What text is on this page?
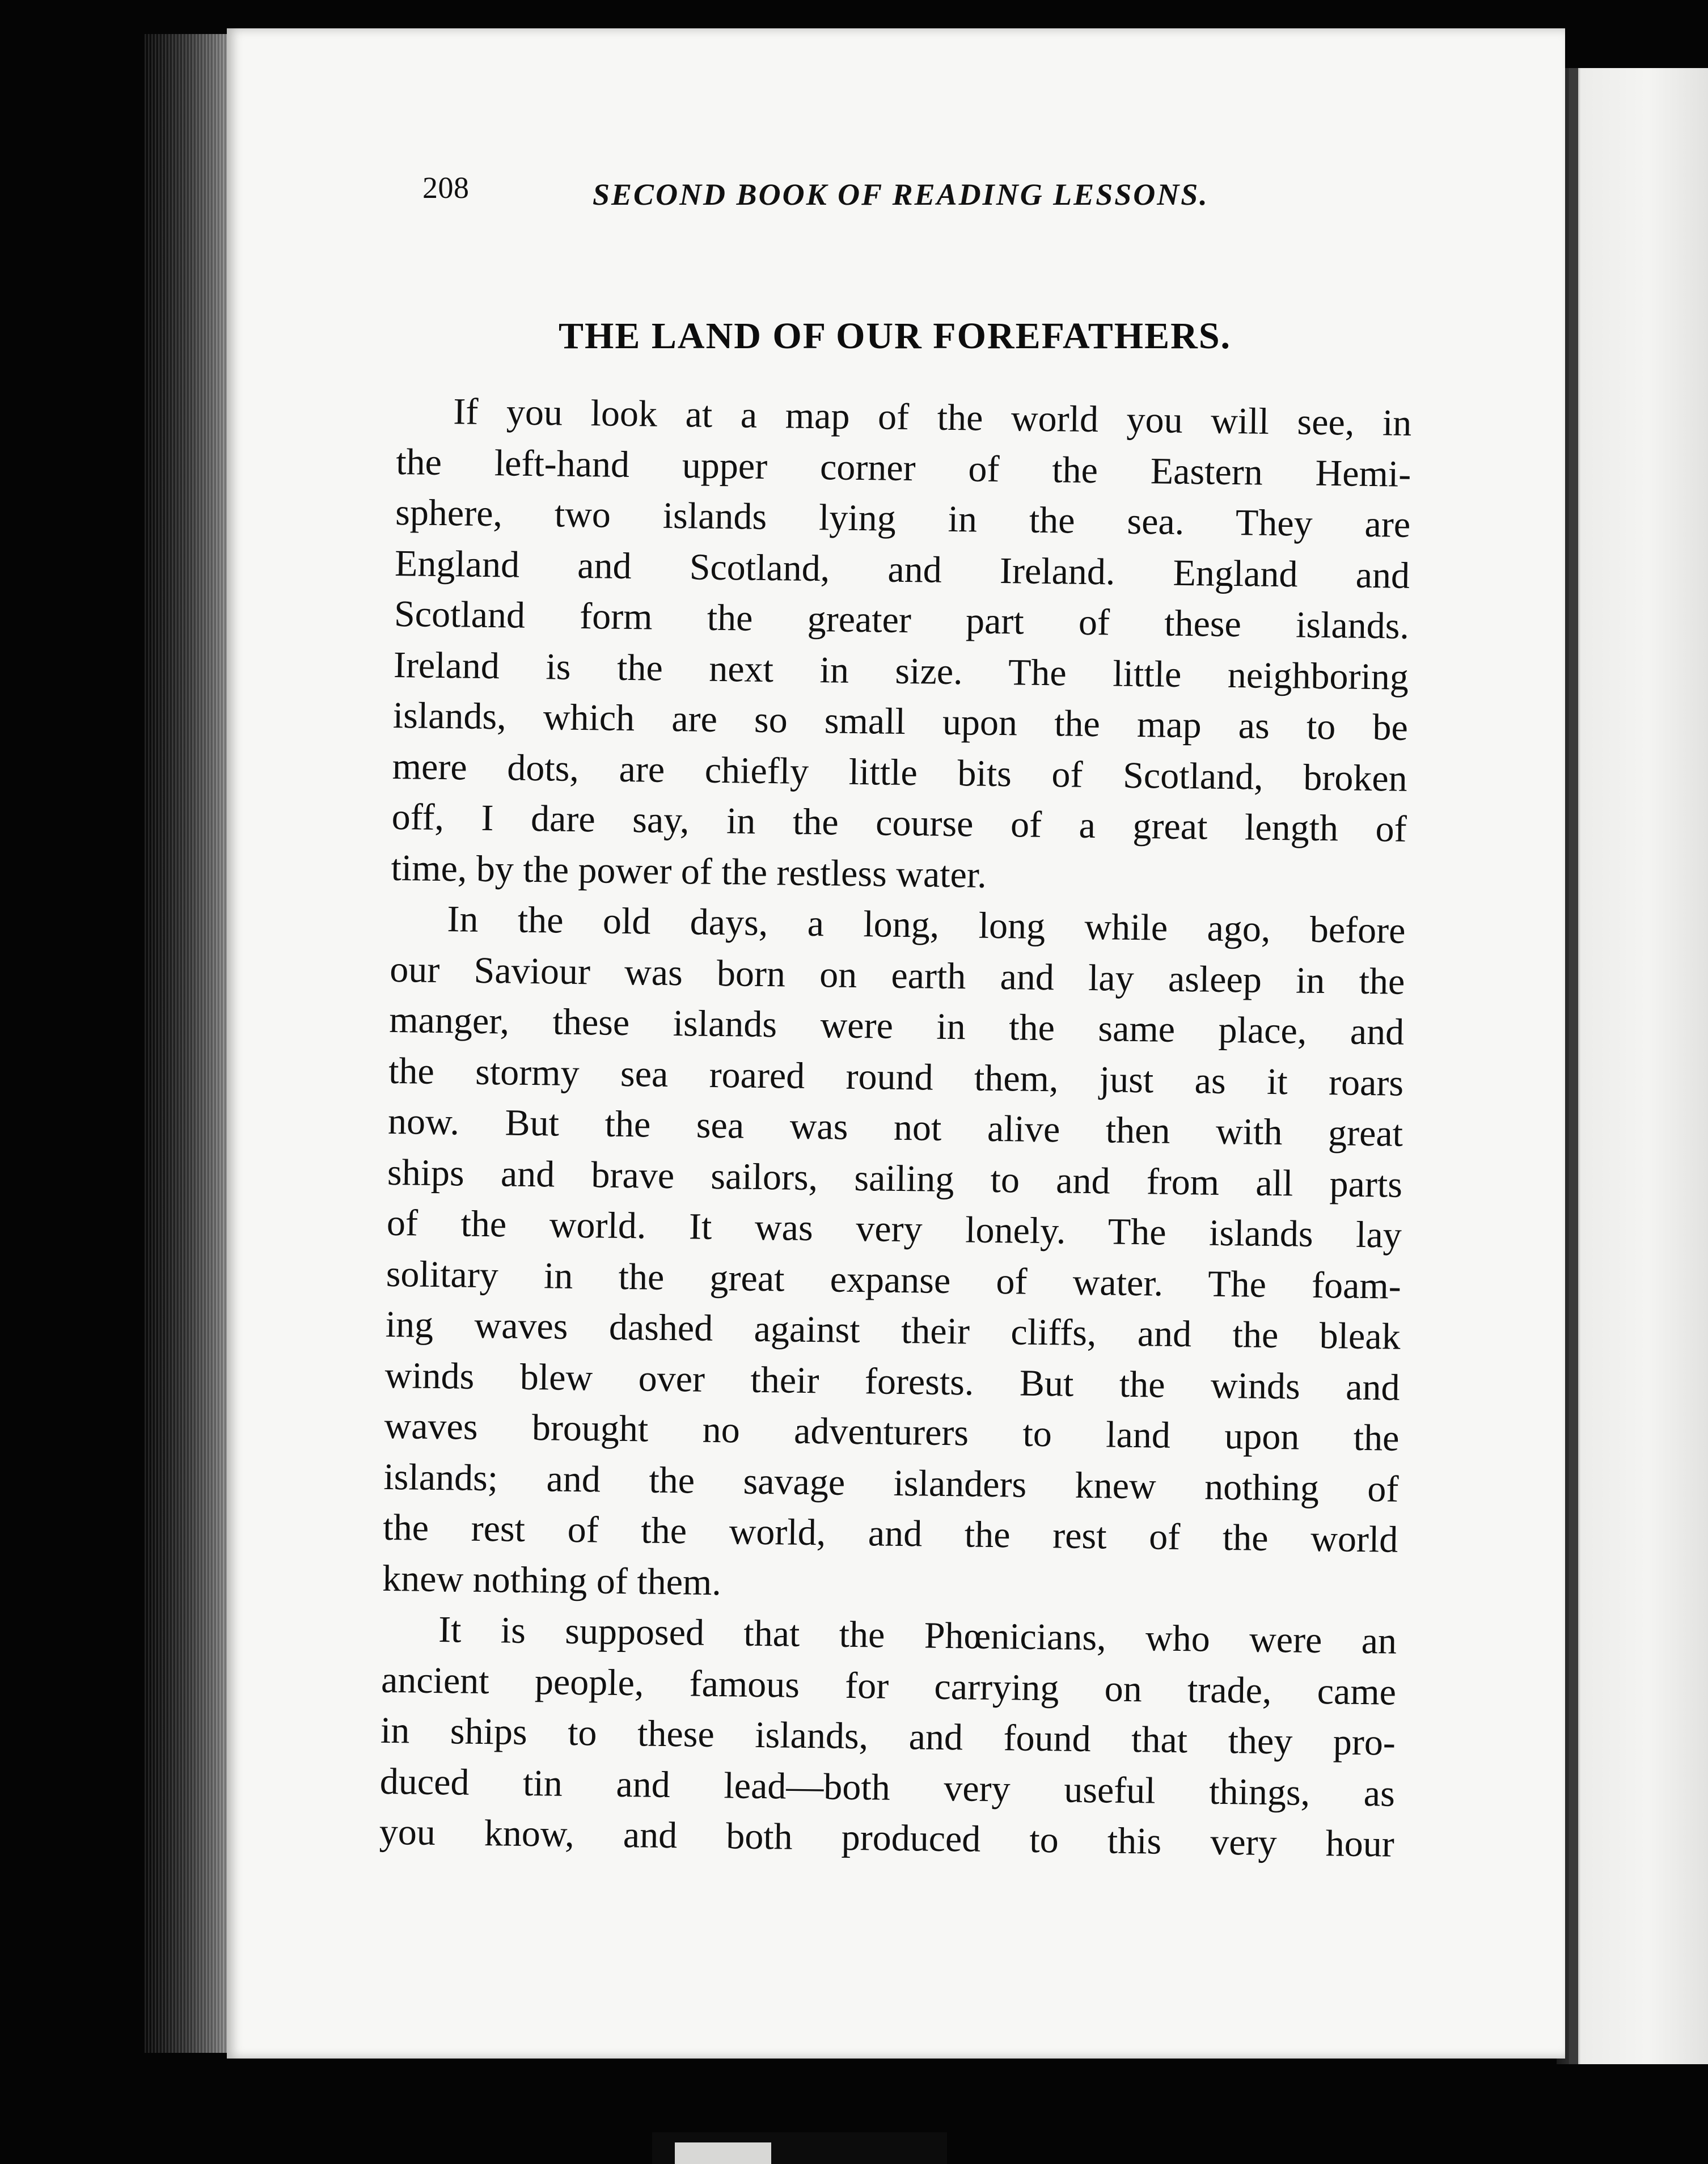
208	SECOND BOOK OF READING LESSONS.
THE LAND OF OUR FOREFATHERS.
If you look at a map of the world you will see, in
the left-hand upper corner of the Eastern Hemi-
sphere, two islands lying in the sea. They are
England and Scotland, and Ireland. England and
Scotland form the greater part of these islands.
Ireland is the next in size. The little neighboring
islands, which are so small upon the map as to be
mere dots, are chiefly little bits of Scotland, broken
off, I dare say, in the course of a great length of
time, by the power of the restless water.
In the old days, a long, long while ago, before
our Saviour was born on earth and lay asleep in the
manger, these islands were in the same place, and
the stormy sea roared round them, just as it roars
now. But the sea was not alive then with great
ships and brave sailors, sailing to and from all parts
of the world. It was very lonely. The islands lay
solitary in the great expanse of water. The foam-
ing waves dashed against their cliffs, and the bleak
winds blew over their forests. But the winds and
waves brought no adventurers to land upon the
islands; and the savage islanders knew nothing of
the rest of the world, and the rest of the world
knew nothing of them.
It is supposed that the Phœnicians, who were an
ancient people, famous for carrying on trade, came
in ships to these islands, and found that they pro-
duced tin and lead—both very useful things, as
you know, and both produced to this very hour
